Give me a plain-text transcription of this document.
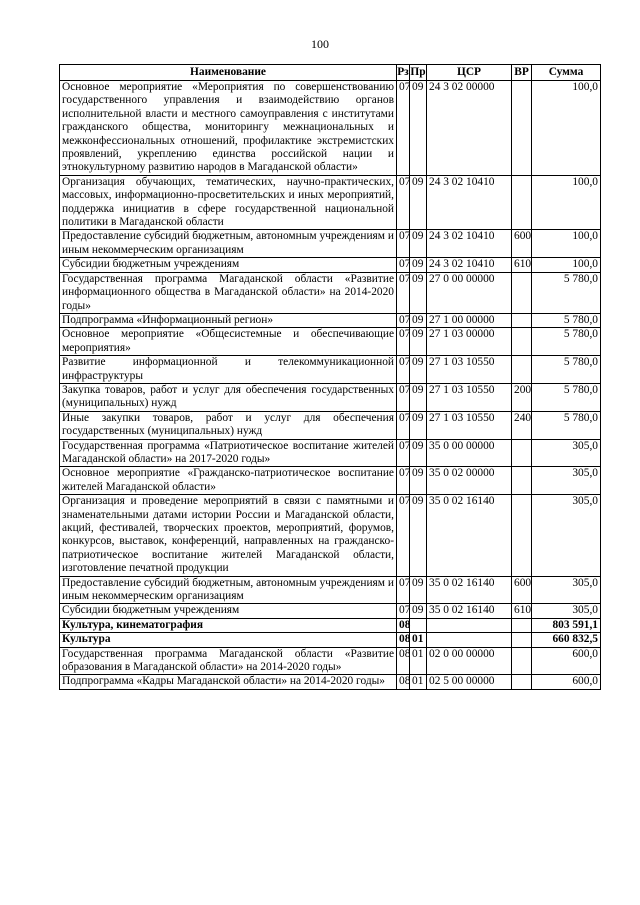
100
Наименование	Рз	Пр	ЦСР	ВР	Сумма
Основное мероприятие «Мероприятия по совершенствованию государственного управления и взаимодействию органов исполнительной власти и местного самоуправления с институтами гражданского общества, мониторингу межнациональных и межконфессиональных отношений, профилактике экстремистских проявлений, укреплению единства российской нации и этнокультурному развитию народов в Магаданской области»	07	09	24 3 02 00000		100,0
Организация обучающих, тематических, научно-практических, массовых, информационно-просветительских и иных мероприятий, поддержка инициатив в сфере государственной национальной политики в Магаданской области	07	09	24 3 02 10410		100,0
Предоставление субсидий бюджетным, автономным учреждениям и иным некоммерческим организациям	07	09	24 3 02 10410	600	100,0
Субсидии бюджетным учреждениям	07	09	24 3 02 10410	610	100,0
Государственная программа Магаданской области «Развитие информационного общества в Магаданской области» на 2014-2020 годы»	07	09	27 0 00 00000		5 780,0
Подпрограмма «Информационный регион»	07	09	27 1 00 00000		5 780,0
Основное мероприятие «Общесистемные и обеспечивающие мероприятия»	07	09	27 1 03 00000		5 780,0
Развитие информационной и телекоммуникационной инфраструктуры	07	09	27 1 03 10550		5 780,0
Закупка товаров, работ и услуг для обеспечения государственных (муниципальных) нужд	07	09	27 1 03 10550	200	5 780,0
Иные закупки товаров, работ и услуг для обеспечения государственных (муниципальных) нужд	07	09	27 1 03 10550	240	5 780,0
Государственная программа «Патриотическое воспитание жителей Магаданской области» на 2017-2020 годы»	07	09	35 0 00 00000		305,0
Основное мероприятие «Гражданско-патриотическое воспитание жителей Магаданской области»	07	09	35 0 02 00000		305,0
Организация и проведение мероприятий в связи с памятными и знаменательными датами истории России и Магаданской области, акций, фестивалей, творческих проектов, мероприятий, форумов, конкурсов, выставок, конференций, направленных на гражданско-патриотическое воспитание жителей Магаданской области, изготовление печатной продукции	07	09	35 0 02 16140		305,0
Предоставление субсидий бюджетным, автономным учреждениям и иным некоммерческим организациям	07	09	35 0 02 16140	600	305,0
Субсидии бюджетным учреждениям	07	09	35 0 02 16140	610	305,0
Культура, кинематография	08				803 591,1
Культура	08	01			660 832,5
Государственная программа Магаданской области «Развитие образования в Магаданской области» на 2014-2020 годы»	08	01	02 0 00 00000		600,0
Подпрограмма «Кадры Магаданской области» на 2014-2020 годы»	08	01	02 5 00 00000		600,0
